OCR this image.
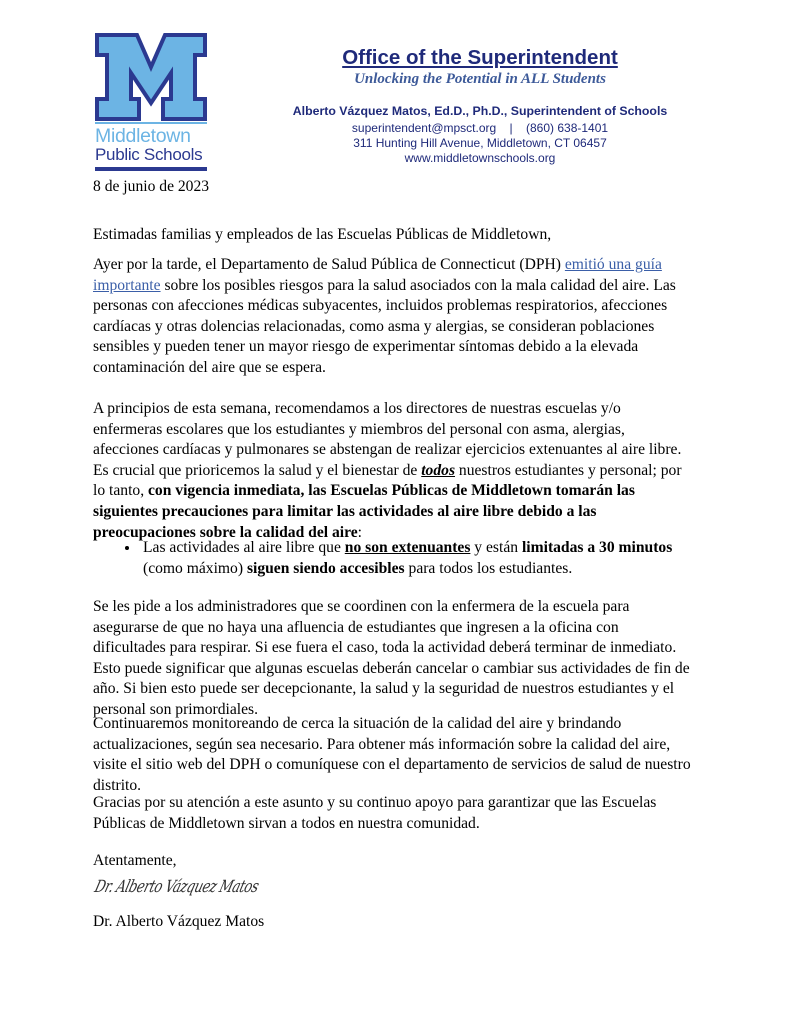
Middletown
Public Schools
Office of the Superintendent
Unlocking the Potential in ALL Students
Alberto Vázquez Matos, Ed.D., Ph.D., Superintendent of Schools
superintendent@mpsct.org | (860) 638-1401
311 Hunting Hill Avenue, Middletown, CT 06457
www.middletownschools.org
8 de junio de 2023
Estimadas familias y empleados de las Escuelas Públicas de Middletown,

Ayer por la tarde, el Departamento de Salud Pública de Connecticut (DPH) emitió una guía importante sobre los posibles riesgos para la salud asociados con la mala calidad del aire. Las personas con afecciones médicas subyacentes, incluidos problemas respiratorios, afecciones cardíacas y otras dolencias relacionadas, como asma y alergias, se consideran poblaciones sensibles y pueden tener un mayor riesgo de experimentar síntomas debido a la elevada contaminación del aire que se espera.

A principios de esta semana, recomendamos a los directores de nuestras escuelas y/o enfermeras escolares que los estudiantes y miembros del personal con asma, alergias, afecciones cardíacas y pulmonares se abstengan de realizar ejercicios extenuantes al aire libre. Es crucial que prioricemos la salud y el bienestar de todos nuestros estudiantes y personal; por lo tanto, con vigencia inmediata, las Escuelas Públicas de Middletown tomarán las siguientes precauciones para limitar las actividades al aire libre debido a las preocupaciones sobre la calidad del aire:

• Las actividades al aire libre que no son extenuantes y están limitadas a 30 minutos (como máximo) siguen siendo accesibles para todos los estudiantes.
Se les pide a los administradores que se coordinen con la enfermera de la escuela para asegurarse de que no haya una afluencia de estudiantes que ingresen a la oficina con dificultades para respirar. Si ese fuera el caso, toda la actividad deberá terminar de inmediato. Esto puede significar que algunas escuelas deberán cancelar o cambiar sus actividades de fin de año. Si bien esto puede ser decepcionante, la salud y la seguridad de nuestros estudiantes y el personal son primordiales.
Continuaremos monitoreando de cerca la situación de la calidad del aire y brindando actualizaciones, según sea necesario. Para obtener más información sobre la calidad del aire, visite el sitio web del DPH o comuníquese con el departamento de servicios de salud de nuestro distrito.
Gracias por su atención a este asunto y su continuo apoyo para garantizar que las Escuelas Públicas de Middletown sirvan a todos en nuestra comunidad.
Atentamente,
Dr. Alberto Vázquez Matos
Dr. Alberto Vázquez Matos
